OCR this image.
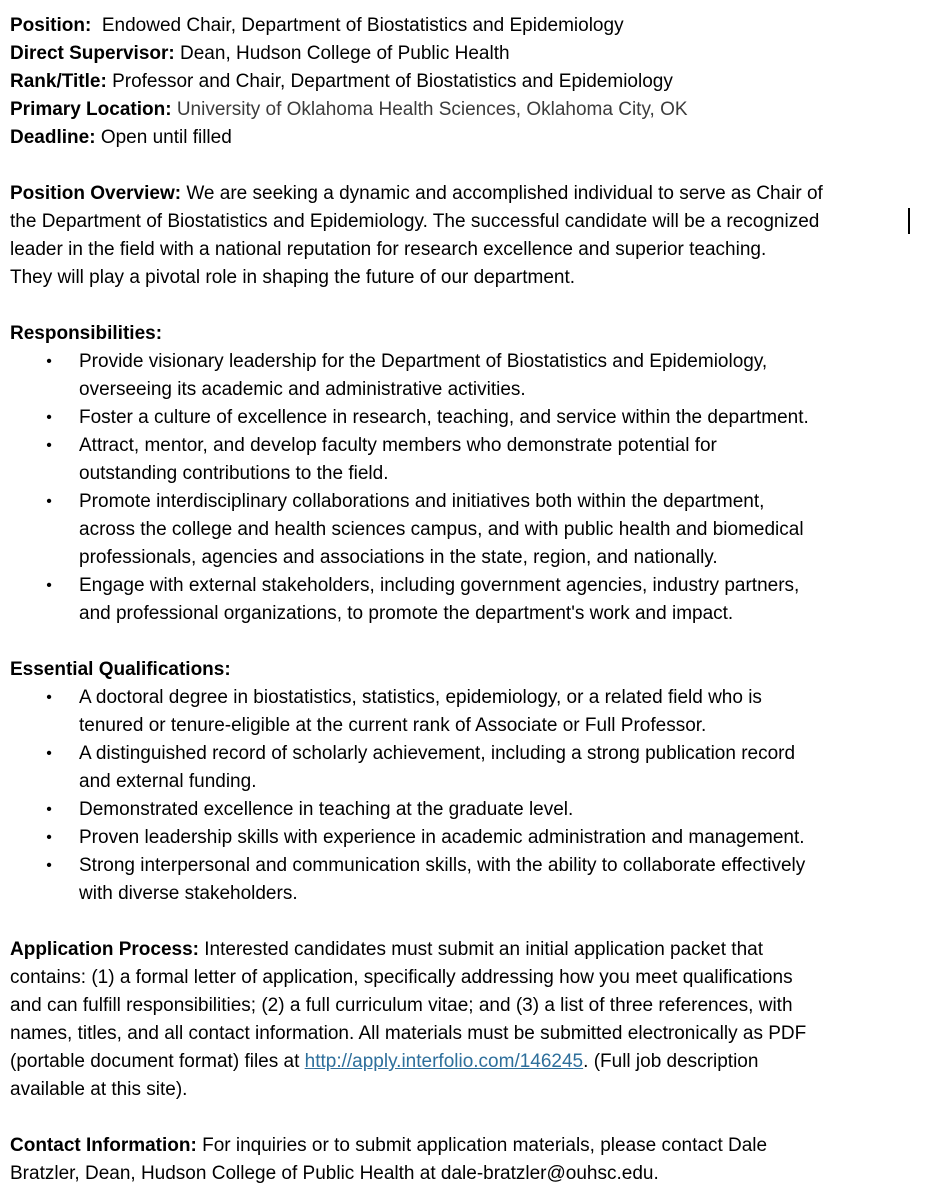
Position: Endowed Chair, Department of Biostatistics and Epidemiology

Direct Supervisor: Dean, Hudson College of Public Health

Rank/Title: Professor and Chair, Department of Biostatistics and Epidemiology

Primary Location: University of Oklahoma Health Sciences, Oklahoma City, OK

Deadline: Open until filled

Position Overview: We are seeking a dynamic and accomplished individual to serve as Chair of

the Department of Biostatistics and Epidemiology. The successful candidate will be a recognized

leader in the field with a national reputation for research excellence and superior teaching.

They will play a pivotal role in shaping the future of our department.

Responsibilities:

• Provide visionary leadership for the Department of Biostatistics and Epidemiology,
overseeing its academic and administrative activities.
• Foster a culture of excellence in research, teaching, and service within the department.
• Attract, mentor, and develop faculty members who demonstrate potential for
outstanding contributions to the field.
• Promote interdisciplinary collaborations and initiatives both within the department,
across the college and health sciences campus, and with public health and biomedical
professionals, agencies and associations in the state, region, and nationally.
• Engage with external stakeholders, including government agencies, industry partners,
and professional organizations, to promote the department's work and impact.

Essential Qualifications:

• A doctoral degree in biostatistics, statistics, epidemiology, or a related field who is
tenured or tenure-eligible at the current rank of Associate or Full Professor.
• A distinguished record of scholarly achievement, including a strong publication record
and external funding.
• Demonstrated excellence in teaching at the graduate level.
• Proven leadership skills with experience in academic administration and management.
• Strong interpersonal and communication skills, with the ability to collaborate effectively
with diverse stakeholders.

Application Process: Interested candidates must submit an initial application packet that

contains: (1) a formal letter of application, specifically addressing how you meet qualifications

and can fulfill responsibilities; (2) a full curriculum vitae; and (3) a list of three references, with

names, titles, and all contact information. All materials must be submitted electronically as PDF

(portable document format) files at http://apply.interfolio.com/146245. (Full job description

available at this site).

Contact Information: For inquiries or to submit application materials, please contact Dale

Bratzler, Dean, Hudson College of Public Health at dale-bratzler@ouhsc.edu.
